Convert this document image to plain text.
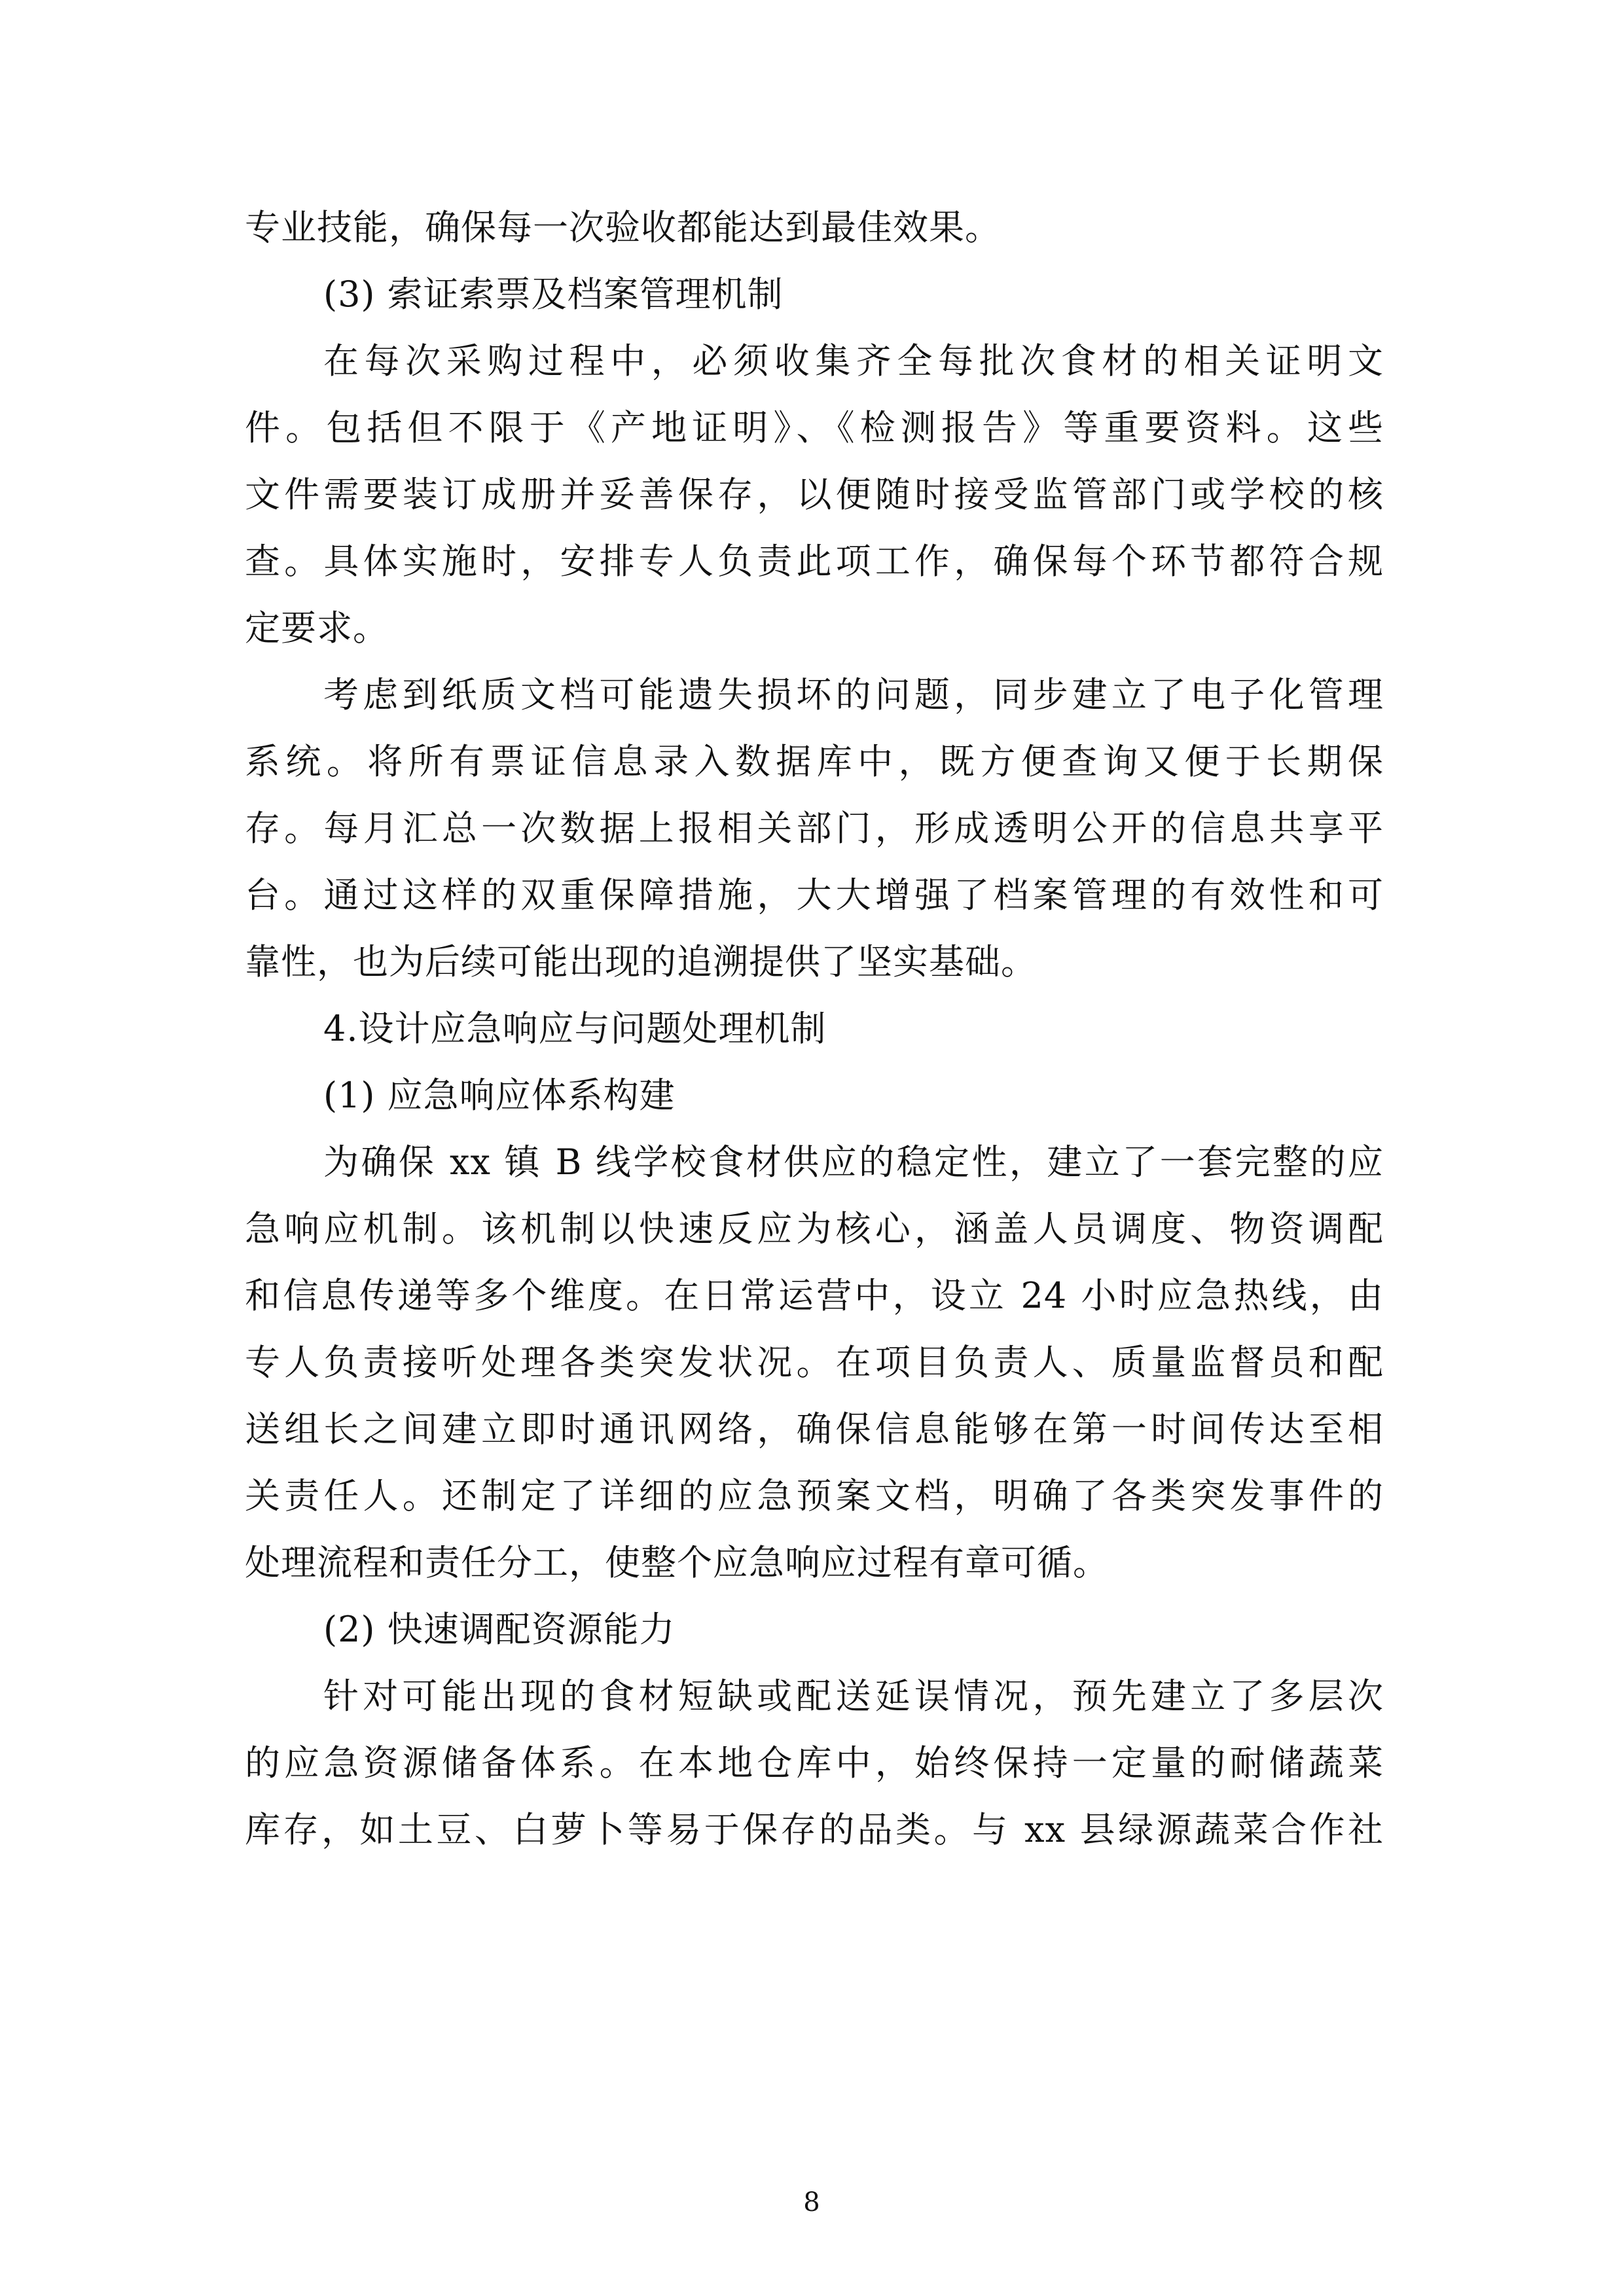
专业技能，确保每一次验收都能达到最佳效果。
(3) 索证索票及档案管理机制
在每次采购过程中，必须收集齐全每批次食材的相关证明文
件。包括但不限于《产地证明》、《检测报告》等重要资料。这些
文件需要装订成册并妥善保存，以便随时接受监管部门或学校的核
查。具体实施时，安排专人负责此项工作，确保每个环节都符合规
定要求。
考虑到纸质文档可能遗失损坏的问题，同步建立了电子化管理
系统。将所有票证信息录入数据库中，既方便查询又便于长期保
存。每月汇总一次数据上报相关部门，形成透明公开的信息共享平
台。通过这样的双重保障措施，大大增强了档案管理的有效性和可
靠性，也为后续可能出现的追溯提供了坚实基础。
4.设计应急响应与问题处理机制
(1) 应急响应体系构建
为确保 xx 镇 B 线学校食材供应的稳定性，建立了一套完整的应
急响应机制。该机制以快速反应为核心，涵盖人员调度、物资调配
和信息传递等多个维度。在日常运营中，设立 24 小时应急热线，由
专人负责接听处理各类突发状况。在项目负责人、质量监督员和配
送组长之间建立即时通讯网络，确保信息能够在第一时间传达至相
关责任人。还制定了详细的应急预案文档，明确了各类突发事件的
处理流程和责任分工，使整个应急响应过程有章可循。
(2) 快速调配资源能力
针对可能出现的食材短缺或配送延误情况，预先建立了多层次
的应急资源储备体系。在本地仓库中，始终保持一定量的耐储蔬菜
库存，如土豆、白萝卜等易于保存的品类。与 xx 县绿源蔬菜合作社
8
